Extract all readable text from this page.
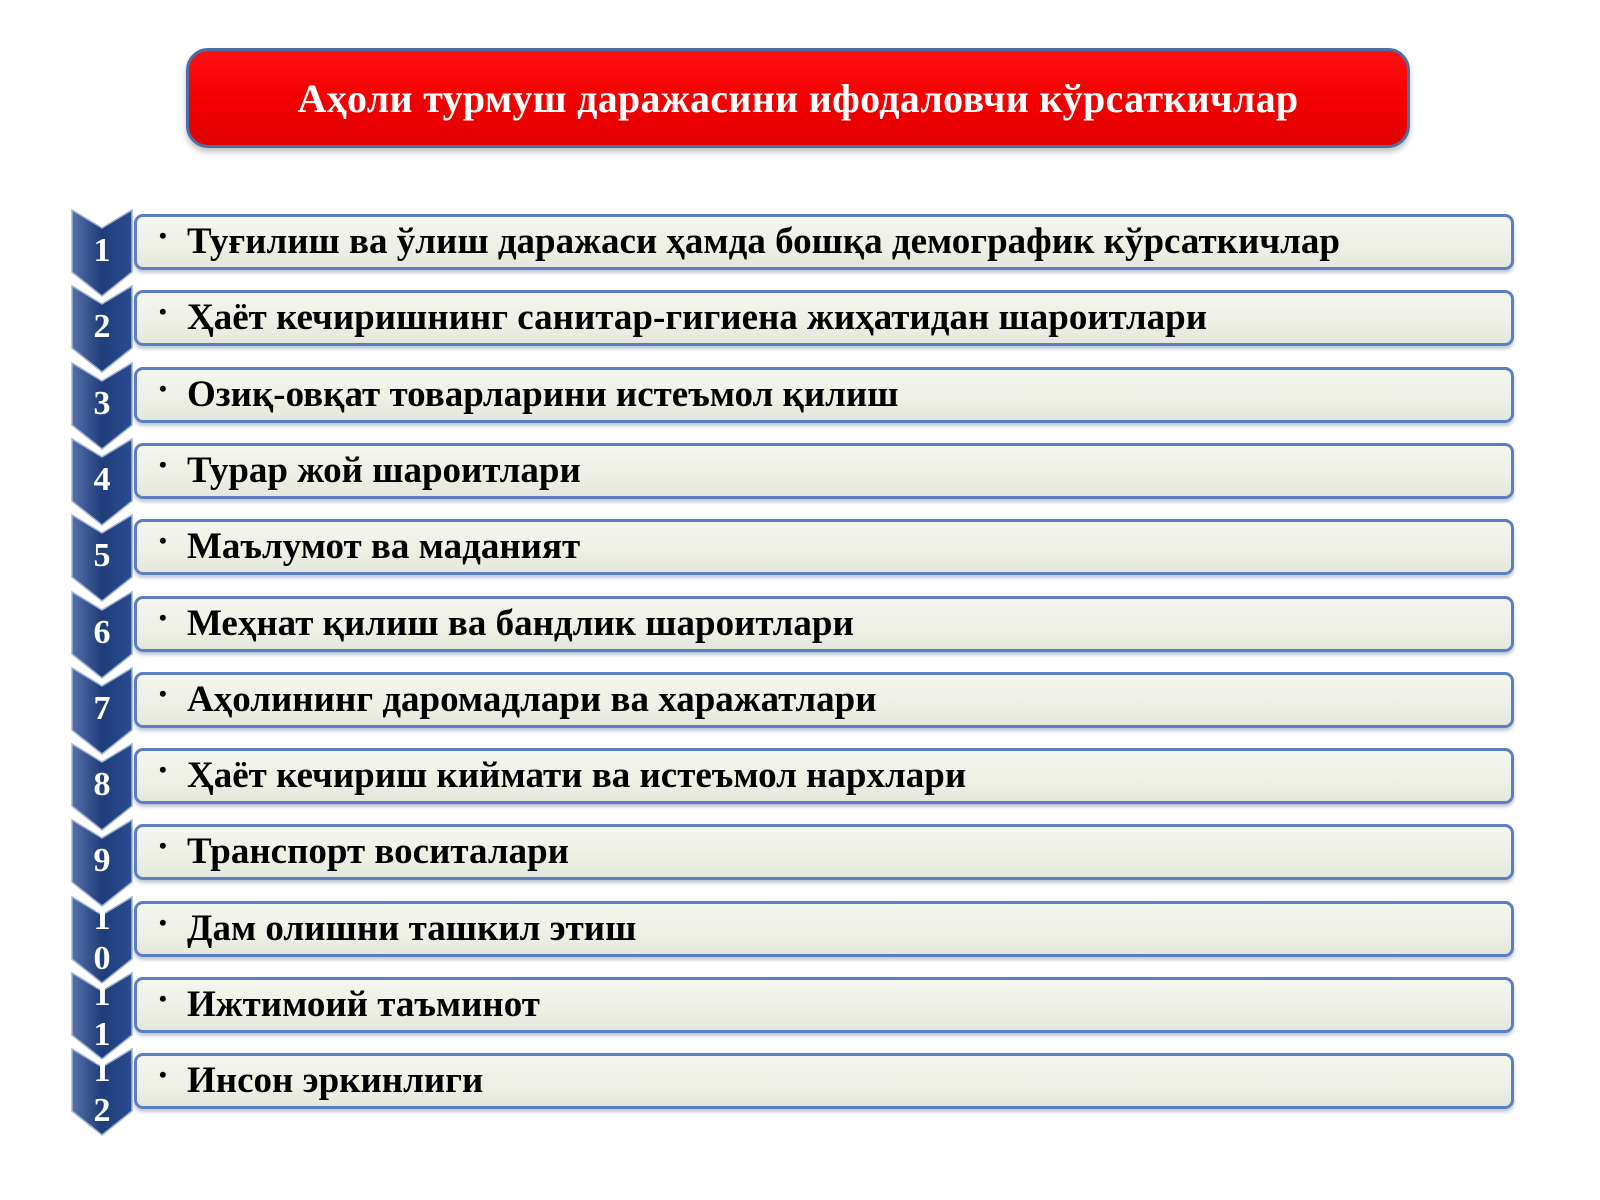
Аҳоли турмуш даражасини ифодаловчи кўрсаткичлар
1	• Туғилиш ва ўлиш даражаси ҳамда бошқа демографик кўрсаткичлар
2	• Ҳаёт кечиришнинг санитар-гигиена жиҳатидан шароитлари
3	• Озиқ-овқат товарларини истеъмол қилиш
4	• Турар жой шароитлари
5	• Маълумот ва маданият
6	• Меҳнат қилиш ва бандлик шароитлари
7	• Аҳолининг даромадлари ва харажатлари
8	• Ҳаёт кечириш киймати ва истеъмол нархлари
9	• Транспорт воситалари
10
• Дам олишни ташкил этиш
11
• Ижтимоий таъминот
12
• Инсон эркинлиги
